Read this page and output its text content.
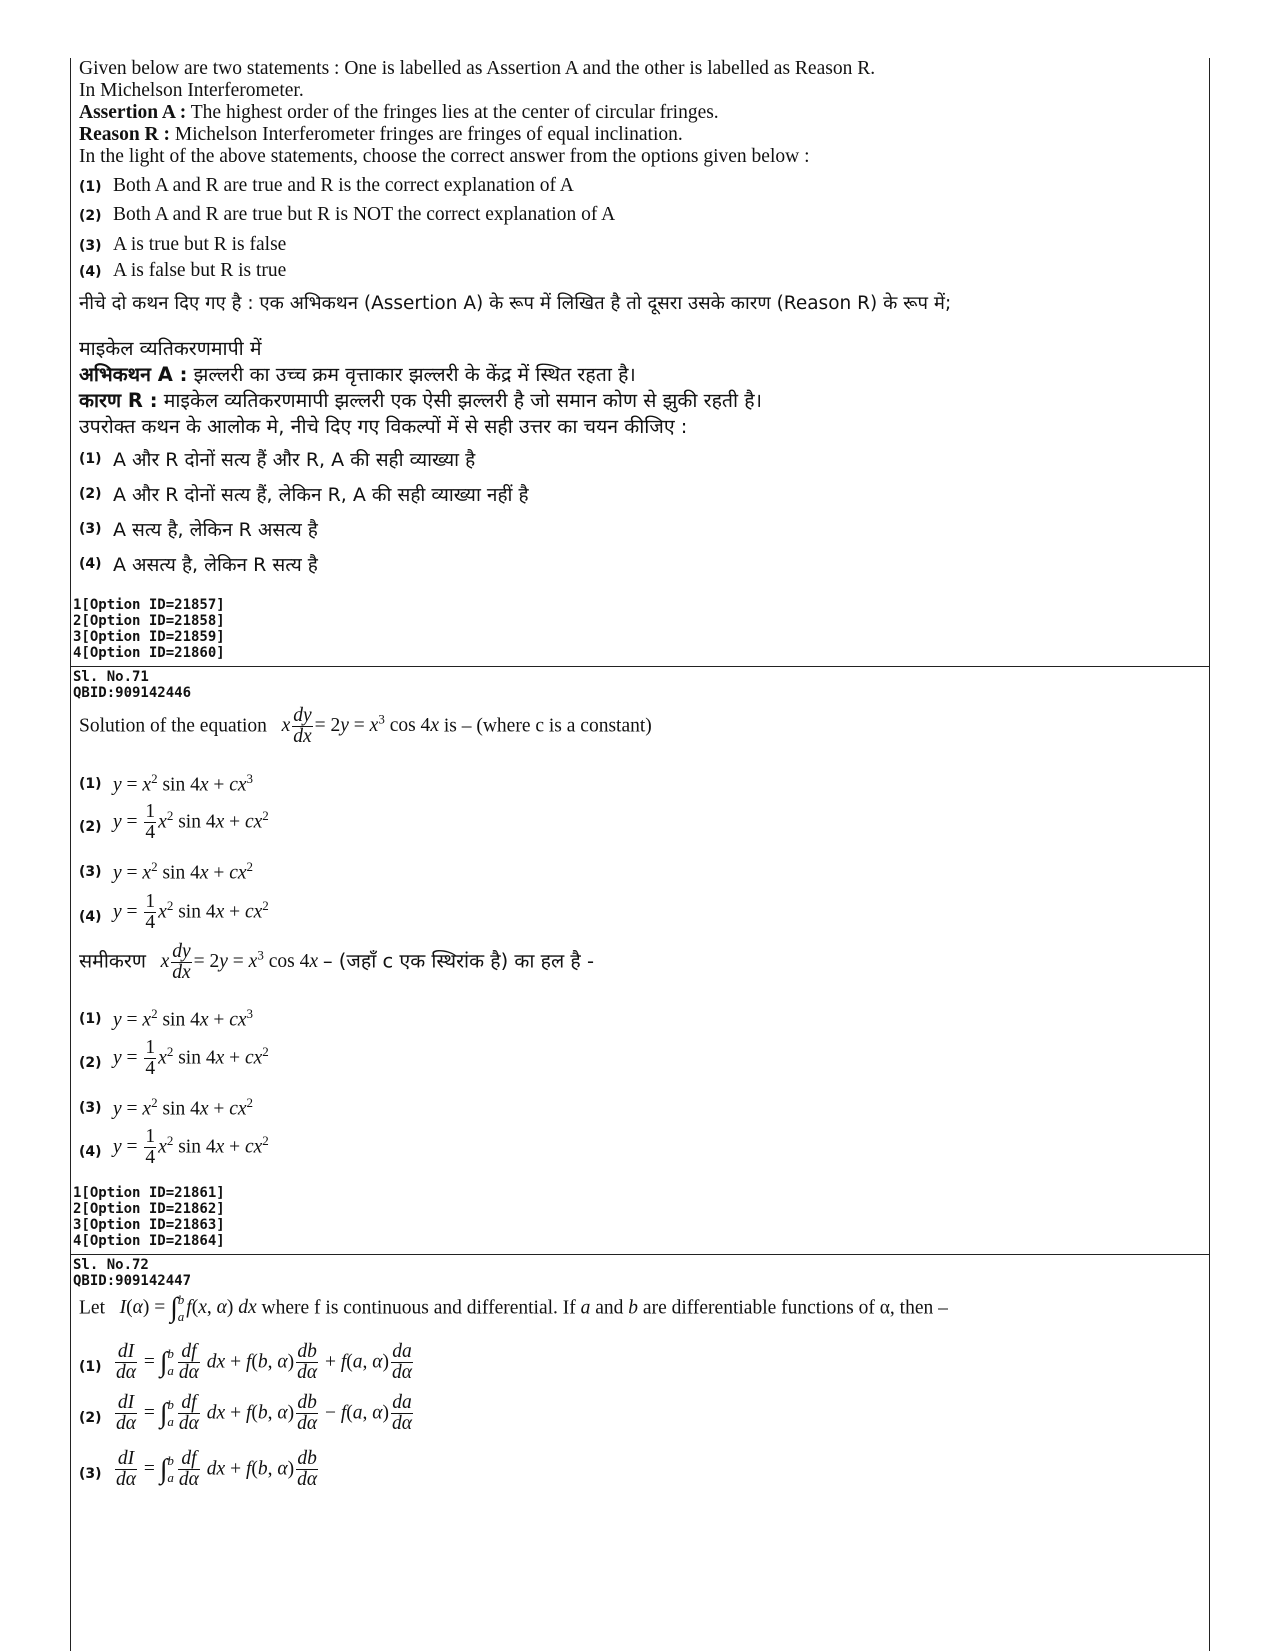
Given below are two statements : One is labelled as Assertion A and the other is labelled as Reason R.
In Michelson Interferometer.
Assertion A : The highest order of the fringes lies at the center of circular fringes.
Reason R : Michelson Interferometer fringes are fringes of equal inclination.
In the light of the above statements, choose the correct answer from the options given below :
(1) Both A and R are true and R is the correct explanation of A
(2) Both A and R are true but R is NOT the correct explanation of A
(3) A is true but R is false
(4) A is false but R is true
नीचे दो कथन दिए गए है : एक अभिकथन (Assertion A) के रूप में लिखित है तो दूसरा उसके कारण (Reason R) के रूप में;
माइकेल व्यतिकरणमापी में
अभिकथन A : झल्लरी का उच्च क्रम वृत्ताकार झल्लरी के केंद्र में स्थित रहता है।
कारण R : माइकेल व्यतिकरणमापी झल्लरी एक ऐसी झल्लरी है जो समान कोण से झुकी रहती है।
उपरोक्त कथन के आलोक मे, नीचे दिए गए विकल्पों में से सही उत्तर का चयन कीजिए :
(1) A और R दोनों सत्य हैं और R, A की सही व्याख्या है
(2) A और R दोनों सत्य हैं, लेकिन R, A की सही व्याख्या नहीं है
(3) A सत्य है, लेकिन R असत्य है
(4) A असत्य है, लेकिन R सत्य है
1[Option ID=21857]
2[Option ID=21858]
3[Option ID=21859]
4[Option ID=21860]
Sl. No.71
QBID:909142446
Solution of the equation   x $\frac{dy}{dx} = 2y = x^3$ cos 4x is – (where c is a constant)
(1) $y = x^2$ $\sin 4x + cx^3$
(2) $y = \frac{1}{4} x^2$ $\sin 4x + cx^2$
(3) $y = x^2$ $\sin 4x + cx^2$
(4) $y = \frac{1}{4} x^2$ $\sin 4x + cx^2$
समीकरण   x $\frac{dy}{dx} = 2y = x^3$ cos 4x – (जहाँ c एक स्थिरांक है) का हल है -
(1) $y = x^2$ $\sin 4x + cx^3$
(2) $y = \frac{1}{4} x^2$ $\sin 4x + cx^2$
(3) $y = x^2$ $\sin 4x + cx^2$
(4) $y = \frac{1}{4} x^2$ $\sin 4x + cx^2$
1[Option ID=21861]
2[Option ID=21862]
3[Option ID=21863]
4[Option ID=21864]
Sl. No.72
QBID:909142447
Let   I(α) = ∫ b
a f(x, α) dx where f is continuous and differential. If a and b are differentiable functions of α, then –
$(1) \frac{dI}{d\alpha}$ = ∫ b
a $\frac{df}{d\alpha}$ dx + f(b, $\alpha) \frac{db}{d\alpha} + f(a$, $\alpha) \frac{da}{d\alpha}$
$(2) \frac{dI}{d\alpha}$ = ∫ b
a $\frac{df}{d\alpha}$ dx + f(b, $\alpha) \frac{db}{d\alpha} - f(a$, $\alpha) \frac{da}{d\alpha}$
$(3) \frac{dI}{d\alpha}$ = ∫ b
a $\frac{df}{d\alpha}$ dx + f(b, $\alpha) \frac{db}{d\alpha}$
